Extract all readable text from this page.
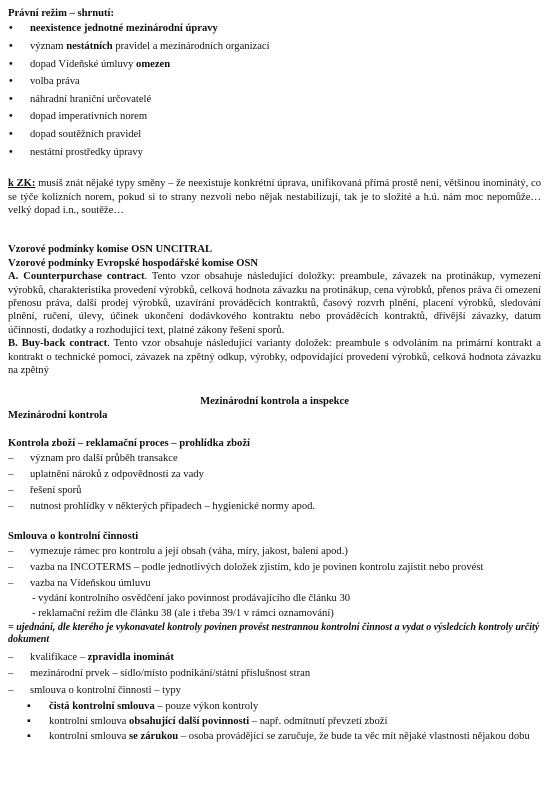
Právní režim – shrnutí:
• neexistence jednotné mezinárodní úpravy
• význam nestátních pravidel a mezinárodních organizací
• dopad Vídeňské úmluvy omezen
• volba práva
• náhradní hraniční určovatelé
• dopad imperativních norem
• dopad soutěžních pravidel
• nestátní prostředky úpravy
k ZK: musíš znát nějaké typy směny – že neexistuje konkrétní úprava, unifikovaná přímá prostě není, většinou inominátý, co se týče kolizních norem, pokud si to strany nezvolí nebo nějak nestabilizují, tak je to složité a h.ú. nám moc nepomůže… velký dopad i.n., soutěže…
Vzorové podmínky komise OSN UNCITRAL
Vzorové podmínky Evropské hospodářské komise OSN
A. Counterpurchase contract. Tento vzor obsahuje následující doložky: preambule, závazek na protinákup, vymezení výrobků, charakteristika provedení výrobků, celková hodnota závazku na protinákup, cena výrobků, přenos práva či omezení přenosu práva, další prodej výrobků, uzavírání prováděcích kontraktů, časový rozvrh plnění, placení výrobků, sledování plnění, ručení, úlevy, účinek ukončení dodávkového kontraktu nebo prováděcích kontraktů, dřívější závazky, datum účinnosti, dodatky a rozhodující text, platné zákony řešení sporů.
B. Buy-back contract. Tento vzor obsahuje následující varianty doložek: preambule s odvoláním na primární kontrakt a kontrakt o technické pomoci, závazek na zpětný odkup, výrobky, odpovídající provedení výrobků, celková hodnota závazku na zpětný
Mezinárodní kontrola a inspekce
Mezinárodní kontrola
Kontrola zboží – reklamační proces – prohlídka zboží
– význam pro další průběh transakce
– uplatnění nároků z odpovědnosti za vady
– řešení sporů
– nutnost prohlídky v některých případech – hygienické normy apod.
Smlouva o kontrolní činnosti
– vymezuje rámec pro kontrolu a její obsah (váha, míry, jakost, balení apod.)
– vazba na INCOTERMS – podle jednotlivých doložek zjistím, kdo je povinen kontrolu zajistit nebo provést
– vazba na Vídeňskou úmluvu
- vydání kontrolního osvědčení jako povinnost prodávajícího dle článku 30
- reklamační režim dle článku 38 (ale i třeba 39/1 v rámci oznamování)
= ujednání, dle kterého je vykonavatel kontroly povinen provést nestrannou kontrolní činnost a vydat o výsledcích kontroly určitý dokument
– kvalifikace – zpravidla inominát
– mezinárodní prvek – sídlo/místo podnikání/státní příslušnost stran
– smlouva o kontrolní činnosti – typy
▪ čistá kontrolní smlouva – pouze výkon kontroly
▪ kontrolní smlouva obsahující další povinnosti – např. odmítnutí převzetí zboží
▪ kontrolní smlouva se zárukou – osoba provádějící se zaručuje, že bude ta věc mít nějaké vlastnosti nějakou dobu
